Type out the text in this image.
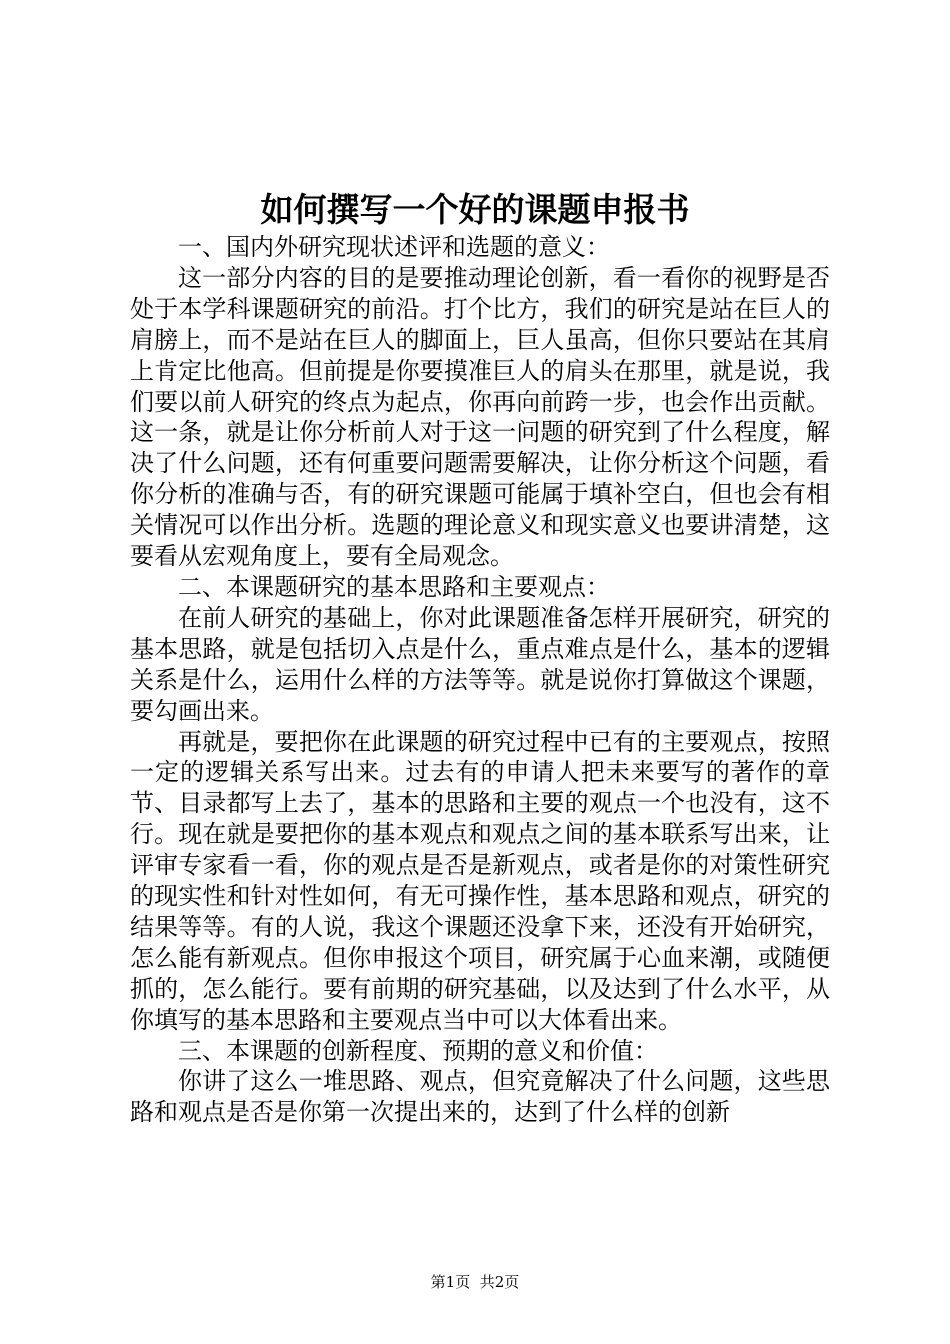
如何撰写一个好的课题申报书

一、国内外研究现状述评和选题的意义：

这一部分内容的目的是要推动理论创新，看一看你的视野是否处于本学科课题研究的前沿。打个比方，我们的研究是站在巨人的肩膀上，而不是站在巨人的脚面上，巨人虽高，但你只要站在其肩上肯定比他高。但前提是你要摸准巨人的肩头在那里，就是说，我们要以前人研究的终点为起点，你再向前跨一步，也会作出贡献。这一条，就是让你分析前人对于这一问题的研究到了什么程度，解决了什么问题，还有何重要问题需要解决，让你分析这个问题，看你分析的准确与否，有的研究课题可能属于填补空白，但也会有相关情况可以作出分析。选题的理论意义和现实意义也要讲清楚，这要看从宏观角度上，要有全局观念。

二、本课题研究的基本思路和主要观点：

在前人研究的基础上，你对此课题准备怎样开展研究，研究的基本思路，就是包括切入点是什么，重点难点是什么，基本的逻辑关系是什么，运用什么样的方法等等。就是说你打算做这个课题，要勾画出来。

再就是，要把你在此课题的研究过程中已有的主要观点，按照一定的逻辑关系写出来。过去有的申请人把未来要写的著作的章节、目录都写上去了，基本的思路和主要的观点一个也没有，这不行。现在就是要把你的基本观点和观点之间的基本联系写出来，让评审专家看一看，你的观点是否是新观点，或者是你的对策性研究的现实性和针对性如何，有无可操作性，基本思路和观点，研究的结果等等。有的人说，我这个课题还没拿下来，还没有开始研究，怎么能有新观点。但你申报这个项目，研究属于心血来潮，或随便抓的，怎么能行。要有前期的研究基础，以及达到了什么水平，从你填写的基本思路和主要观点当中可以大体看出来。

三、本课题的创新程度、预期的意义和价值：

你讲了这么一堆思路、观点，但究竟解决了什么问题，这些思路和观点是否是你第一次提出来的，达到了什么样的创新

第1页 共2页
